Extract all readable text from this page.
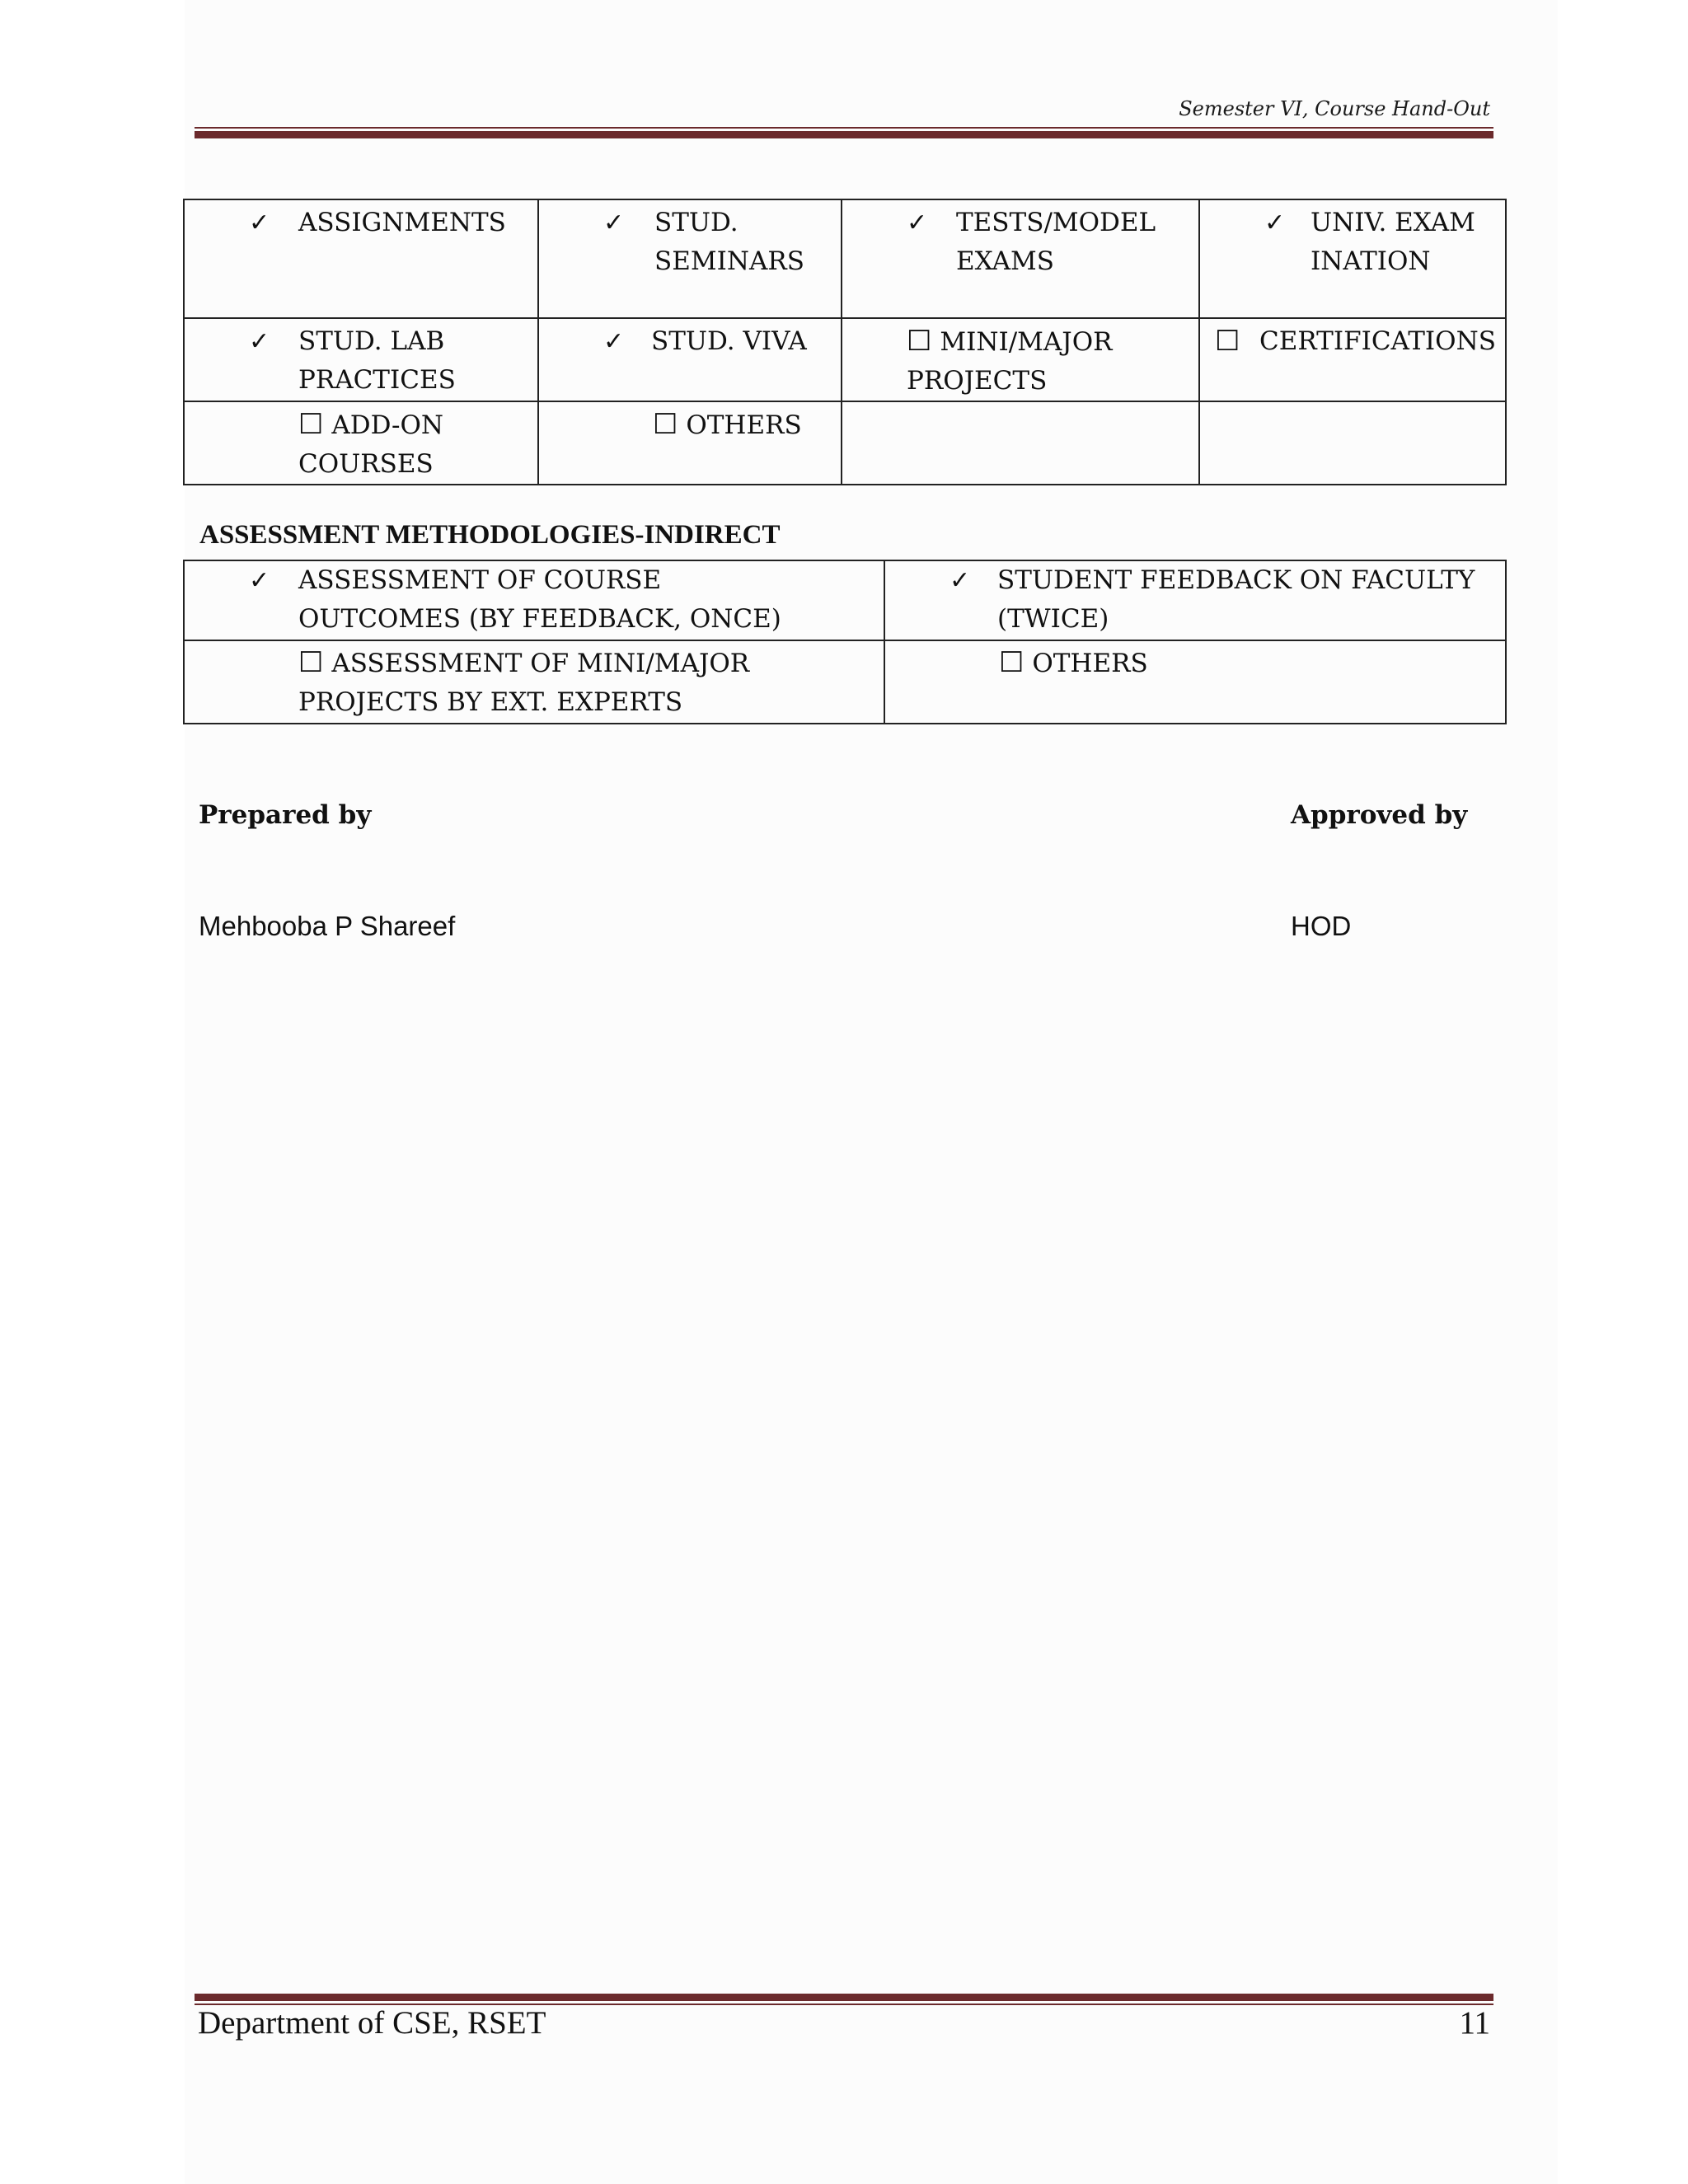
Semester VI, Course Hand-Out
✓ ASSIGNMENTS	✓ STUD. SEMINARS	✓ TESTS/MODEL EXAMS	✓ UNIV. EXAMINATION

✓ STUD. LAB PRACTICES	✓ STUD. VIVA	☐ MINI/MAJOR PROJECTS	☐ CERTIFICATIONS

☐ ADD-ON COURSES	☐ OTHERS		

ASSESSMENT METHODOLOGIES-INDIRECT
✓ ASSESSMENT OF COURSE OUTCOMES (BY FEEDBACK, ONCE)	✓ STUDENT FEEDBACK ON FACULTY (TWICE)

☐ ASSESSMENT OF MINI/MAJOR PROJECTS BY EXT. EXPERTS	☐ OTHERS
Prepared by	Approved by
Mehbooba P Shareef	HOD
Department of CSE, RSET	11
